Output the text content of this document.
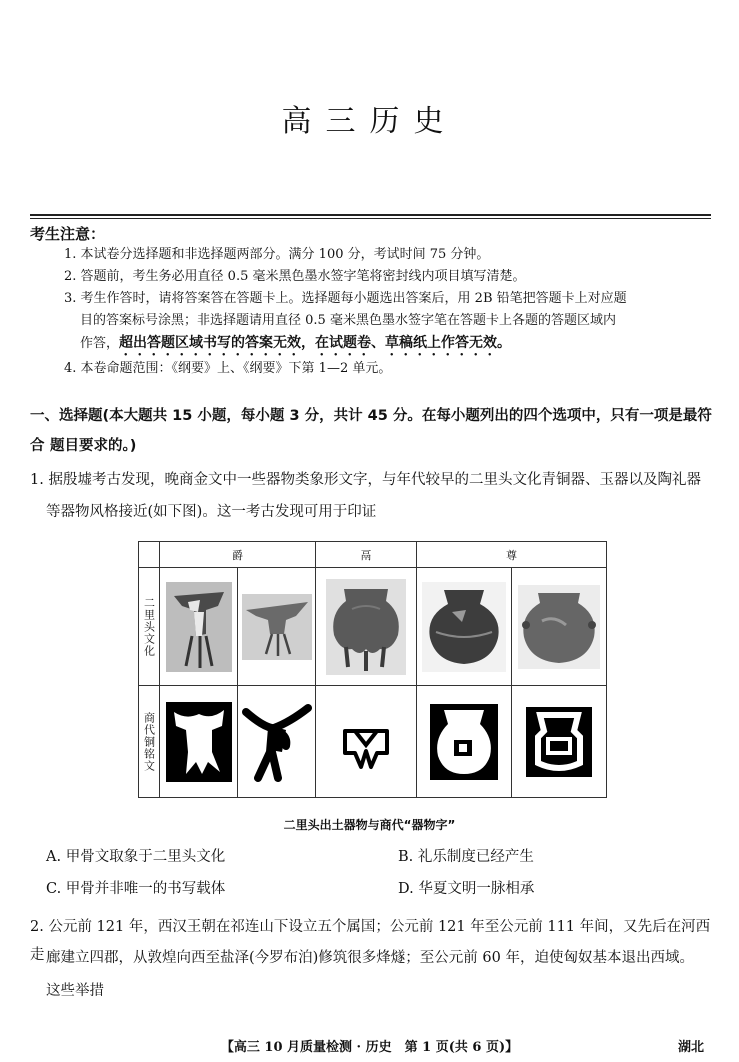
高三历史
考生注意：
1. 本试卷分选择题和非选择题两部分。满分 100 分，考试时间 75 分钟。
2. 答题前，考生务必用直径 0.5 毫米黑色墨水签字笔将密封线内项目填写清楚。
3. 考生作答时，请将答案答在答题卡上。选择题每小题选出答案后，用 2B 铅笔把答题卡上对应题
目的答案标号涂黑；非选择题请用直径 0.5 毫米黑色墨水签字笔在答题卡上各题的答题区域内
作答，超出答题区域书写的答案无效，在试题卷、草稿纸上作答无效。
4. 本卷命题范围：《纲要》上、《纲要》下第 1—2 单元。
一、选择题(本大题共 15 小题，每小题 3 分，共计 45 分。在每小题列出的四个选项中，只有一项是最符合 题目要求的。)
1. 据殷墟考古发现，晚商金文中一些器物类象形文字，与年代较早的二里头文化青铜器、玉器以及陶礼器
等器物风格接近(如下图)。这一考古发现可用于印证
	爵		鬲	尊	
二里头文化	

商代铜铭文	

二里头出土器物与商代“器物字”
A. 甲骨文取象于二里头文化	B. 礼乐制度已经产生
C. 甲骨并非唯一的书写载体	D. 华夏文明一脉相承
2. 公元前 121 年，西汉王朝在祁连山下设立五个属国；公元前 121 年至公元前 111 年间，又先后在河西走 廊建立四郡，从敦煌向西至盐泽(今罗布泊)修筑很多烽燧；至公元前 60 年，迫使匈奴基本退出西域。
这些举措
【高三 10 月质量检测 · 历史　第 1 页(共 6 页)】	湖北
